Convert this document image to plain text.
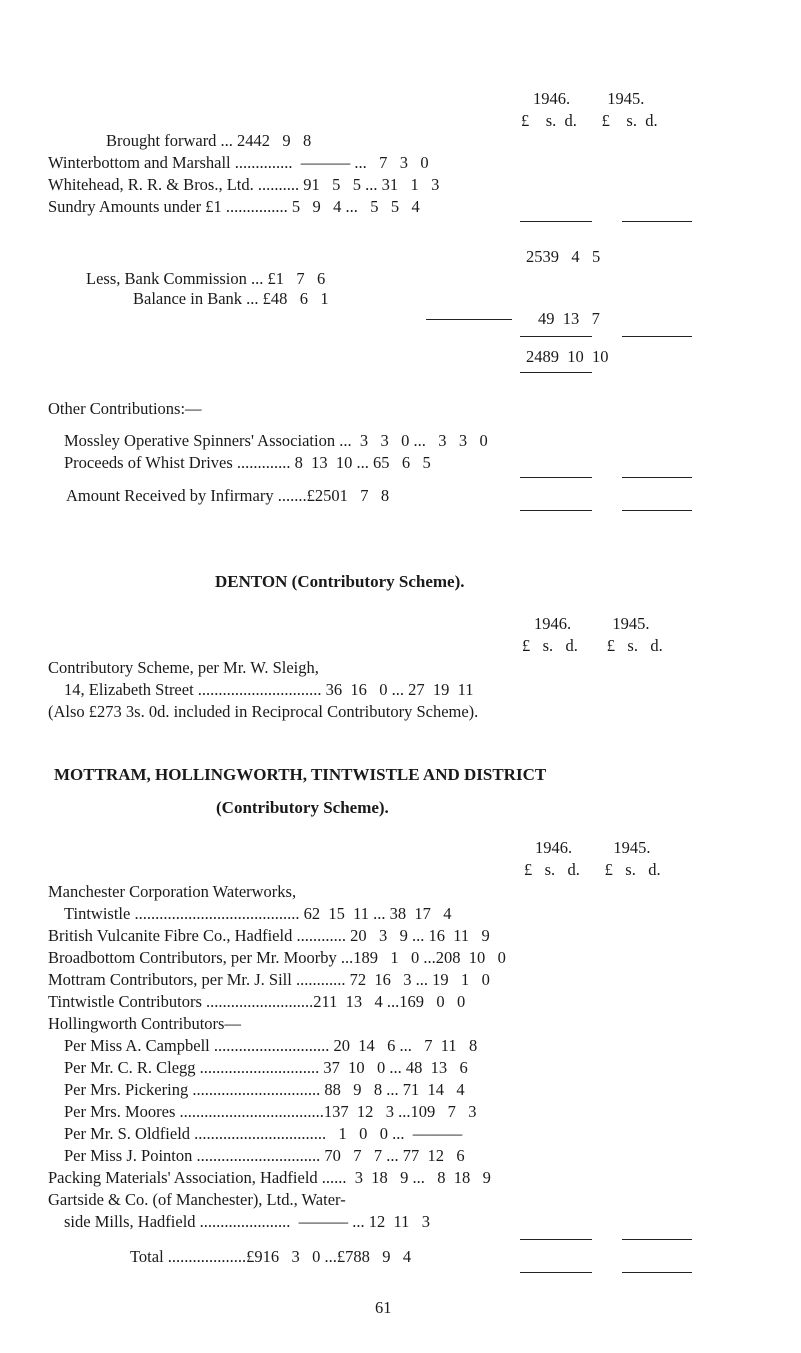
1946.         1945.
£    s.  d.      £    s.  d.
Brought forward ... 2442   9   8
Winterbottom and Marshall ..............  ——— ...   7   3   0
Whitehead, R. R. & Bros., Ltd. .......... 91   5   5 ... 31   1   3
Sundry Amounts under £1 ............... 5   9   4 ...   5   5   4
2539   4   5
Less, Bank Commission ... £1   7   6
Balance in Bank ... £48   6   1
49  13   7
2489  10  10
Other Contributions:—
Mossley Operative Spinners' Association ...  3   3   0 ...   3   3   0
Proceeds of Whist Drives ............. 8  13  10 ... 65   6   5
Amount Received by Infirmary .......£2501   7   8
DENTON (Contributory Scheme).
1946.          1945.
£   s.   d.       £   s.   d.
Contributory Scheme, per Mr. W. Sleigh,
14, Elizabeth Street .............................. 36  16   0 ... 27  19  11
(Also £273 3s. 0d. included in Reciprocal Contributory Scheme).
MOTTRAM, HOLLINGWORTH, TINTWISTLE AND DISTRICT
(Contributory Scheme).
1946.          1945.
£   s.   d.      £   s.   d.
Manchester Corporation Waterworks,
Tintwistle ........................................ 62  15  11 ... 38  17   4
British Vulcanite Fibre Co., Hadfield ............ 20   3   9 ... 16  11   9
Broadbottom Contributors, per Mr. Moorby ...189   1   0 ...208  10   0
Mottram Contributors, per Mr. J. Sill ............ 72  16   3 ... 19   1   0
Tintwistle Contributors ..........................211  13   4 ...169   0   0
Hollingworth Contributors—
Per Miss A. Campbell ............................ 20  14   6 ...   7  11   8
Per Mr. C. R. Clegg ............................. 37  10   0 ... 48  13   6
Per Mrs. Pickering ............................... 88   9   8 ... 71  14   4
Per Mrs. Moores ...................................137  12   3 ...109   7   3
Per Mr. S. Oldfield ................................   1   0   0 ...  ———
Per Miss J. Pointon .............................. 70   7   7 ... 77  12   6
Packing Materials' Association, Hadfield ......  3  18   9 ...   8  18   9
Gartside & Co. (of Manchester), Ltd., Water-
side Mills, Hadfield ......................  ——— ... 12  11   3
Total ...................£916   3   0 ...£788   9   4
61
